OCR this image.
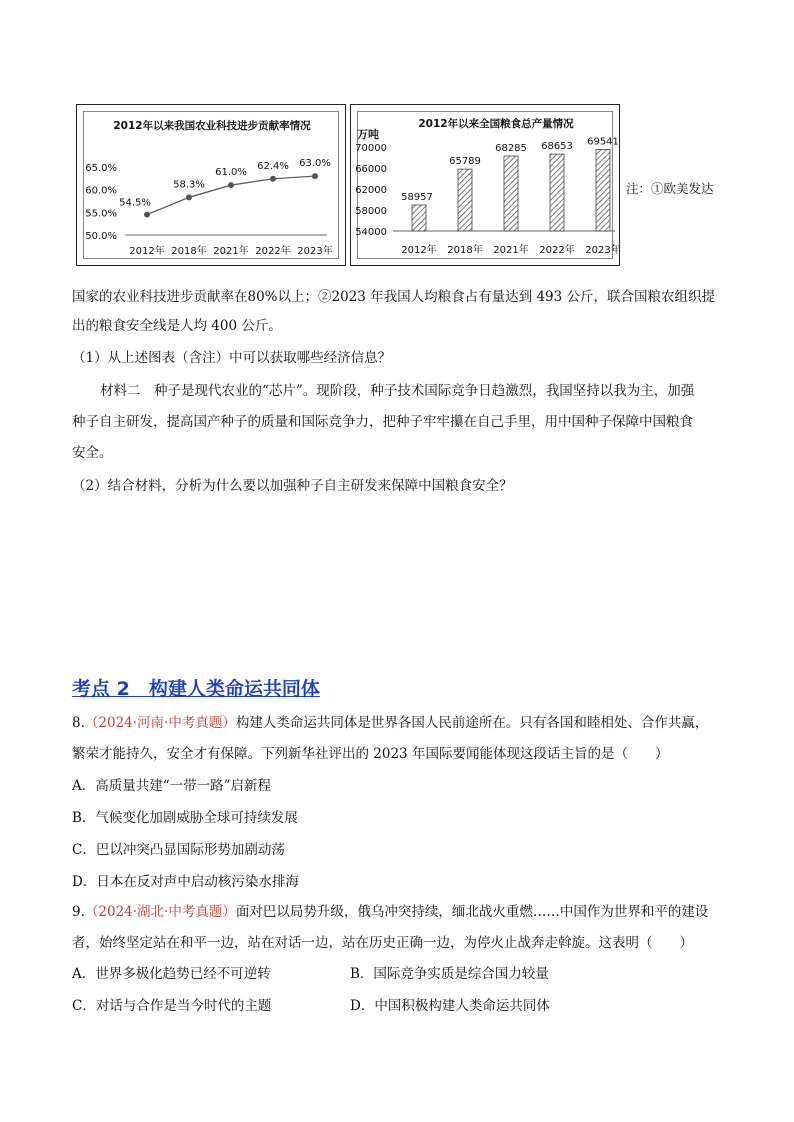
2012年以来我国农业科技进步贡献率情况
65.0%
60.0%
55.0%
50.0%
54.5%
58.3%
61.0%
62.4% 63.0%
2012年 2018年 2021年 2022年 2023年
2012年以来全国粮食总产量情况
万吨
70000
66000
62000
58000
54000
58957
65789
68285 68653 69541
2012年 2018年 2021年 2022年 2023年
注：①欧美发达
国家的农业科技进步贡献率在80%以上；②2023 年我国人均粮食占有量达到 493 公斤，联合国粮农组织提
出的粮食安全线是人均 400 公斤。
（1）从上述图表（含注）中可以获取哪些经济信息？
材料二　种子是现代农业的“芯片”。现阶段，种子技术国际竞争日趋激烈，我国坚持以我为主，加强
种子自主研发，提高国产种子的质量和国际竞争力，把种子牢牢攥在自己手里，用中国种子保障中国粮食
安全。
（2）结合材料，分析为什么要以加强种子自主研发来保障中国粮食安全？
考点 2　构建人类命运共同体
8.（2024·河南·中考真题）构建人类命运共同体是世界各国人民前途所在。只有各国和睦相处、合作共赢，
繁荣才能持久，安全才有保障。下列新华社评出的 2023 年国际要闻能体现这段话主旨的是（　　）
A．高质量共建“一带一路”启新程
B．气候变化加剧威胁全球可持续发展
C．巴以冲突凸显国际形势加剧动荡
D．日本在反对声中启动核污染水排海
9.（2024·湖北·中考真题）面对巴以局势升级，俄乌冲突持续，缅北战火重燃……中国作为世界和平的建设
者，始终坚定站在和平一边，站在对话一边，站在历史正确一边，为停火止战奔走斡旋。这表明（　　）
A．世界多极化趋势已经不可逆转	B．国际竞争实质是综合国力较量
C．对话与合作是当今时代的主题	D．中国积极构建人类命运共同体
